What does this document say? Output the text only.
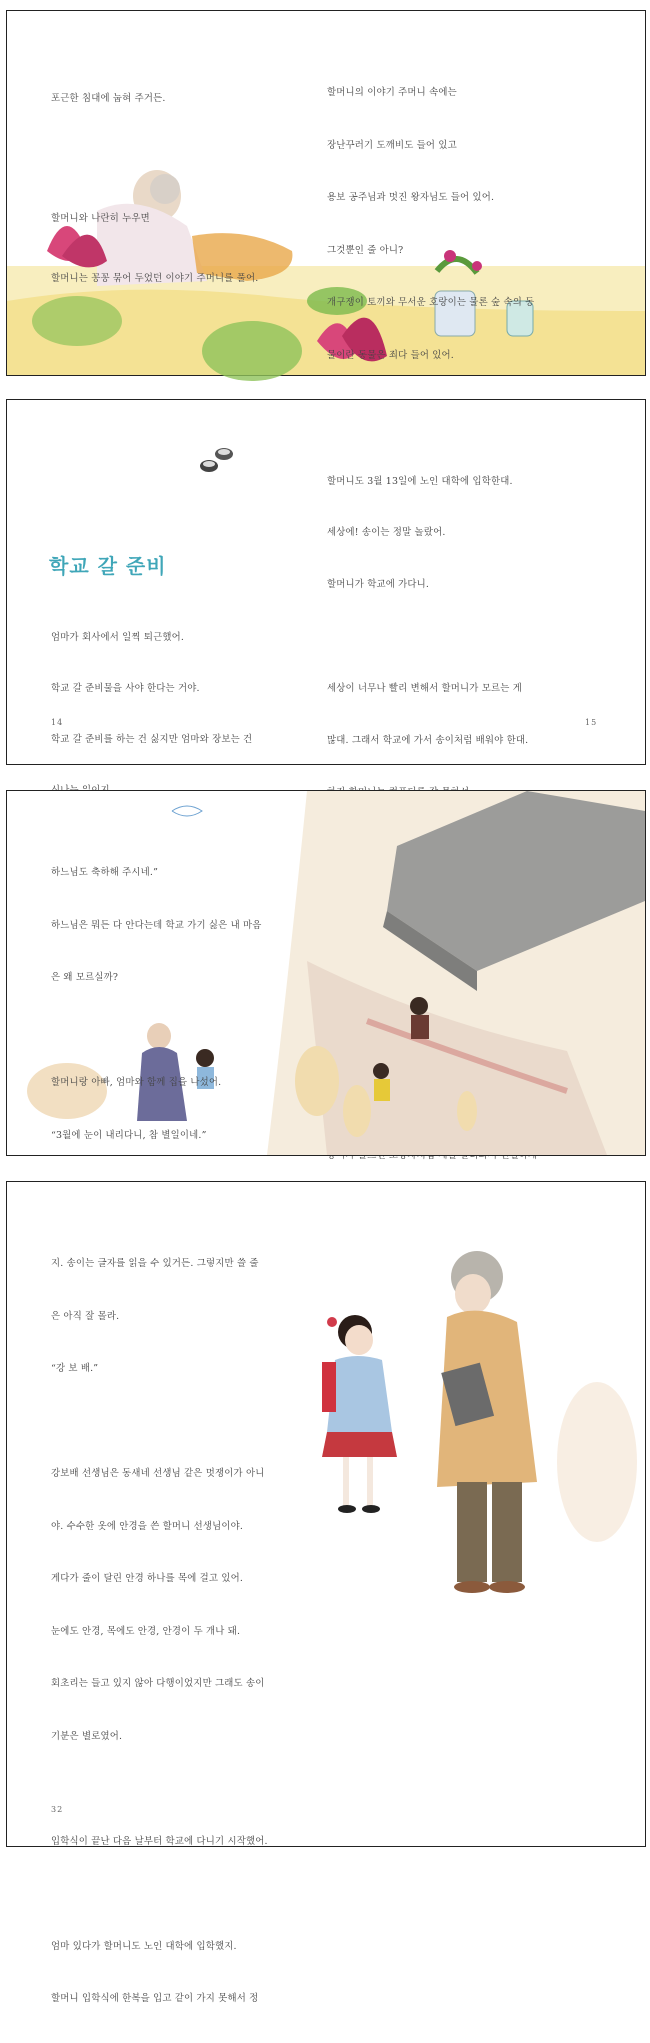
포근한 침대에 눕혀 주거든.

할머니와 나란히 누우면

할머니는 꽁꽁 묶어 두었던 이야기 주머니를 풀어.

할머니의 이야기 주머니 속에는

장난꾸러기 도깨비도 들어 있고

용보 공주님과 멋진 왕자님도 들어 있어.

그것뿐인 줄 아니?

개구쟁이 토끼와 무서운 호랑이는 물론 숲 속의 동

물이란 동물은 죄다 들어 있어.

학교 갈 준비

엄마가 회사에서 일찍 퇴근했어.

학교 갈 준비물을 사야 한다는 거야.

학교 갈 준비를 하는 건 싫지만 엄마와 장보는 건

할머니도 3월 13일에 노인 대학에 입학한대.

세상에! 송이는 정말 놀랐어.

할머니가 학교에 가다니.

세상이 너무나 빨리 변해서 할머니가 모르는 게

많대. 그래서 학교에 가서 송이처럼 배워야 한대.

14	15

하느님도 축하해 주시네.”

하느님은 뭐든 다 안다는데 학교 가기 싫은 내 마음

은 왜 모르실까?

할머니랑 아빠, 엄마와 함께 집을 나섰어.

“3월에 눈이 내리다니, 참 별일이네.”

지. 송이는 글자를 읽을 수 있거든. 그렇지만 쓸 줄

은 아직 잘 몰라.

“강 보 배.”

강보배 선생님은 동새네 선생님 같은 멋쟁이가 아니

야. 수수한 옷에 안경을 쓴 할머니 선생님이야.

게다가 줄이 달린 안경 하나를 목에 걸고 있어.

눈에도 안경, 목에도 안경, 안경이 두 개나 돼.

회초리는 들고 있지 않아 다행이었지만 그래도 송이

기분은 별로였어.

입학식이 끝난 다음 날부터 학교에 다니기 시작했어.

엄마 있다가 할머니도 노인 대학에 입학했지.

할머니 입학식에 한복을 입고 같이 가지 못해서 정

32
